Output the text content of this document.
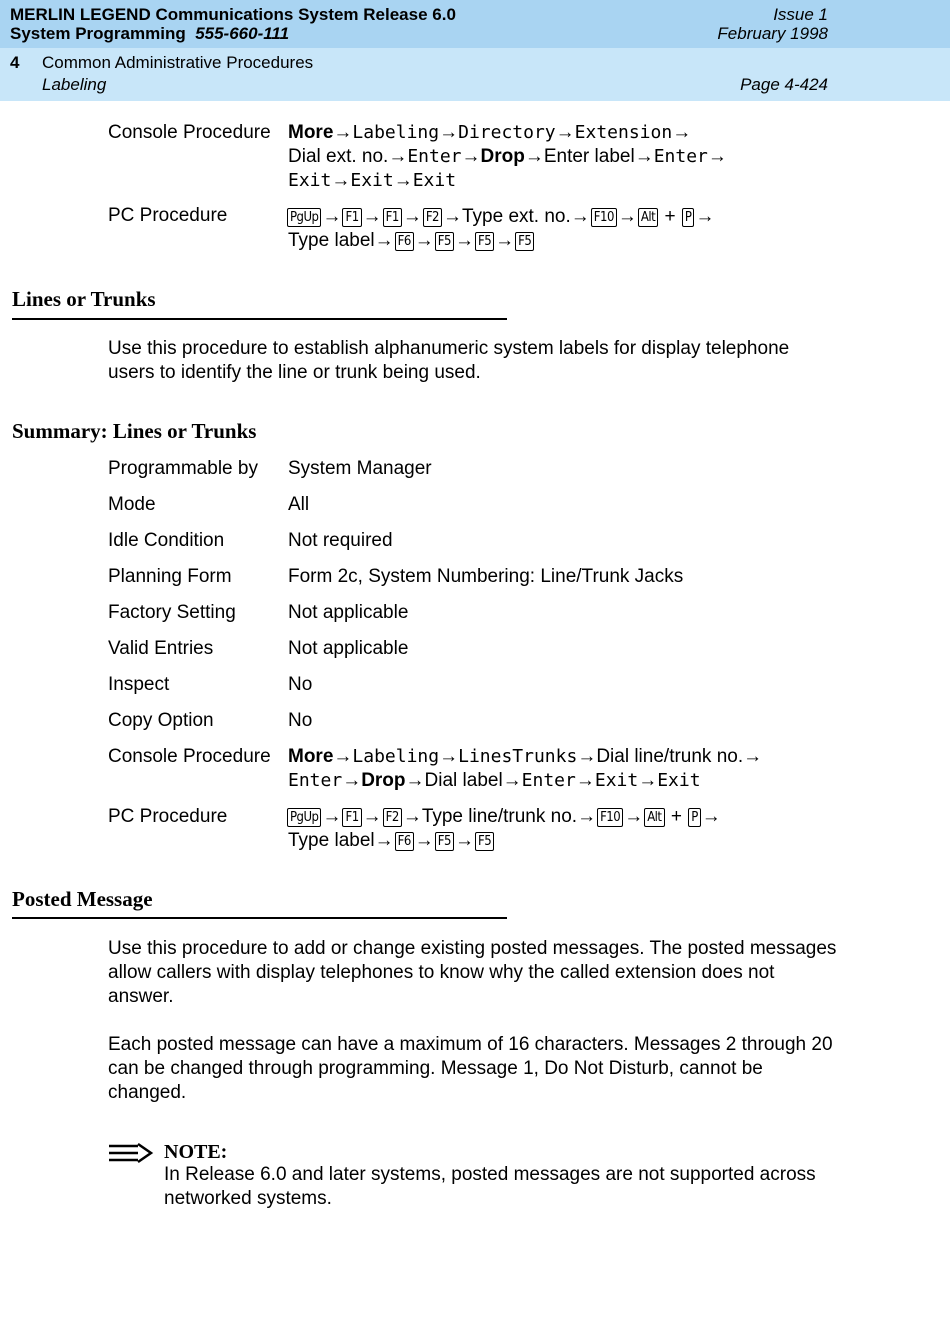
MERLIN LEGEND Communications System Release 6.0
System Programming 555-660-111
Issue 1
February 1998
4 Common Administrative Procedures
Labeling	Page 4-424
Console Procedure More→Labeling→Directory→Extension→
Dial ext. no.→Enter→Drop→Enter label→Enter→
Exit→Exit→Exit
PC Procedure	PgUp → F1 → F1 → F2 →Type ext. no.→ F10 → Alt + P →
Type label→ F6 → F5 → F5 → F5
Lines or Trunks
Use this procedure to establish alphanumeric system labels for display telephone users to identify the line or trunk being used.
Summary: Lines or Trunks
Programmable by System Manager
Mode	All
Idle Condition	Not required
Planning Form	Form 2c, System Numbering: Line/Trunk Jacks
Factory Setting	Not applicable
Valid Entries	Not applicable
Inspect	No
Copy Option	No
Console Procedure More→Labeling→LinesTrunks→Dial line/trunk no.→
Enter→Drop→Dial label→Enter→Exit→Exit
PC Procedure	PgUp → F1 → F2 →Type line/trunk no.→ F10 → Alt + P →
Type label→ F6 → F5 → F5
Posted Message
Use this procedure to add or change existing posted messages. The posted messages allow callers with display telephones to know why the called extension does not answer.
Each posted message can have a maximum of 16 characters. Messages 2 through 20 can be changed through programming. Message 1, Do Not Disturb, cannot be changed.
NOTE:
In Release 6.0 and later systems, posted messages are not supported across networked systems.
